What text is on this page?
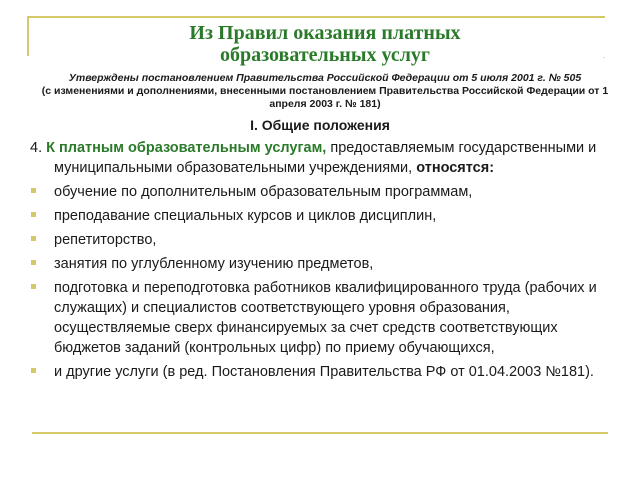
.
Из Правил оказания платных
образовательных услуг
Утверждены постановлением Правительства Российской Федерации от 5 июля 2001 г. № 505
(с изменениями и дополнениями, внесенными постановлением Правительства Российской Федерации от 1 апреля 2003 г. № 181)
I. Общие положения

4. К платным образовательным услугам, предоставляемым государственными и муниципальными образовательными учреждениями, относятся:

обучение по дополнительным образовательным программам,
преподавание специальных курсов и циклов дисциплин,
репетиторство,
занятия по углубленному изучению предметов,
подготовка и переподготовка работников квалифицированного труда (рабочих и служащих) и специалистов соответствующего уровня образования, осуществляемые сверх финансируемых за счет средств соответствующих бюджетов заданий (контрольных цифр) по приему обучающихся,
и другие услуги (в ред. Постановления Правительства РФ от 01.04.2003 №181).
